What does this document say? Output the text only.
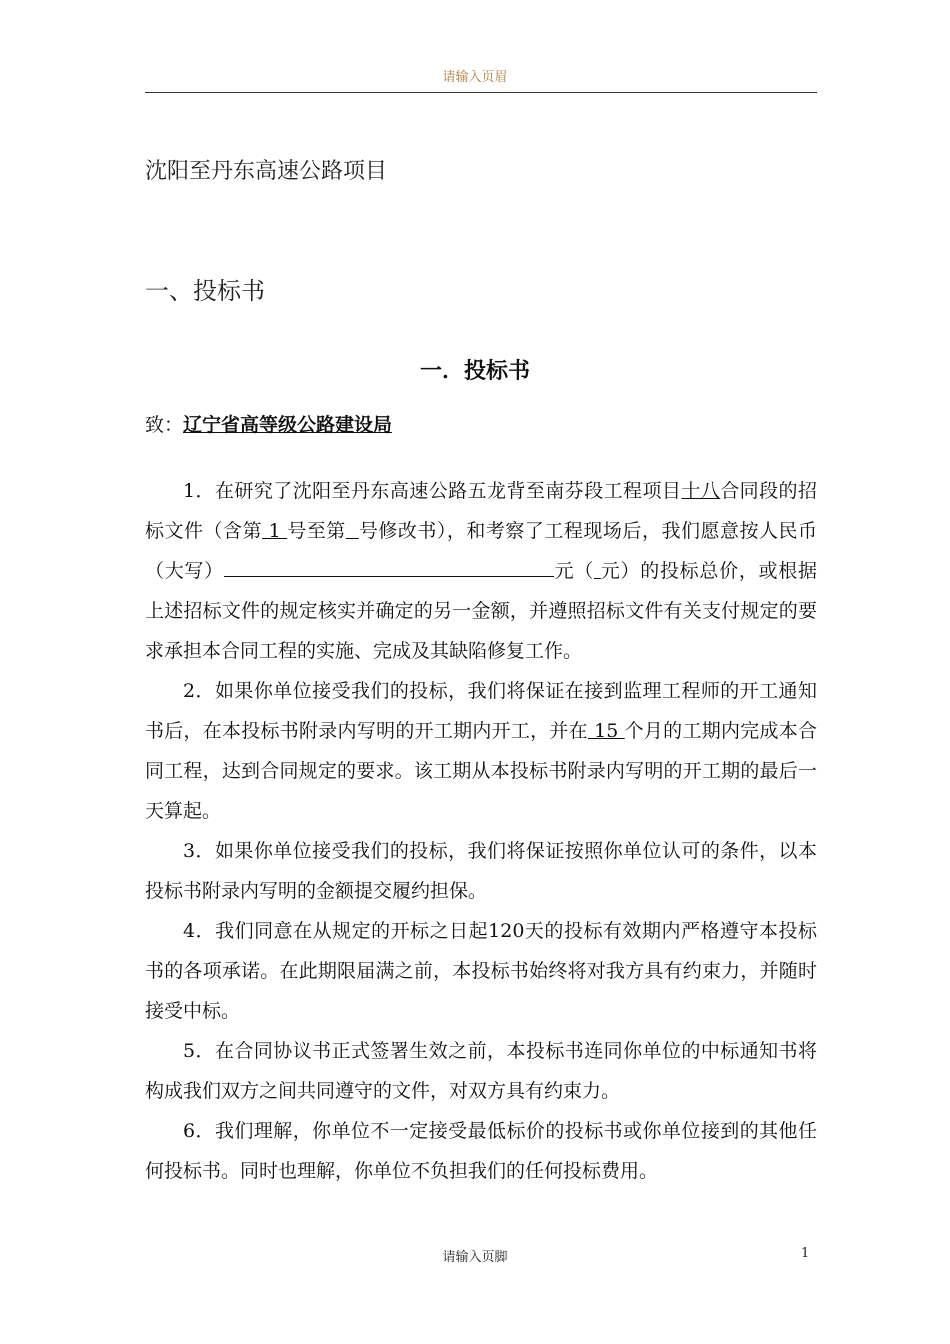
请输入页眉
沈阳至丹东高速公路项目
一、投标书
一．投标书
致：辽宁省高等级公路建设局

1．在研究了沈阳至丹东高速公路五龙背至南芬段工程项目十八合同段的招标文件（含第 1 号至第 号修改书），和考察了工程现场后，我们愿意按人民币（大写）	元（ 元）的投标总价，或根据上述招标文件的规定核实并确定的另一金额，并遵照招标文件有关支付规定的要求承担本合同工程的实施、完成及其缺陷修复工作。

2．如果你单位接受我们的投标，我们将保证在接到监理工程师的开工通知书后，在本投标书附录内写明的开工期内开工，并在 15 个月的工期内完成本合同工程，达到合同规定的要求。该工期从本投标书附录内写明的开工期的最后一天算起。

3．如果你单位接受我们的投标，我们将保证按照你单位认可的条件，以本投标书附录内写明的金额提交履约担保。

4．我们同意在从规定的开标之日起120天的投标有效期内严格遵守本投标书的各项承诺。在此期限届满之前，本投标书始终将对我方具有约束力，并随时接受中标。

5．在合同协议书正式签署生效之前，本投标书连同你单位的中标通知书将构成我们双方之间共同遵守的文件，对双方具有约束力。

6．我们理解，你单位不一定接受最低标价的投标书或你单位接到的其他任何投标书。同时也理解，你单位不负担我们的任何投标费用。

请输入页脚	1
